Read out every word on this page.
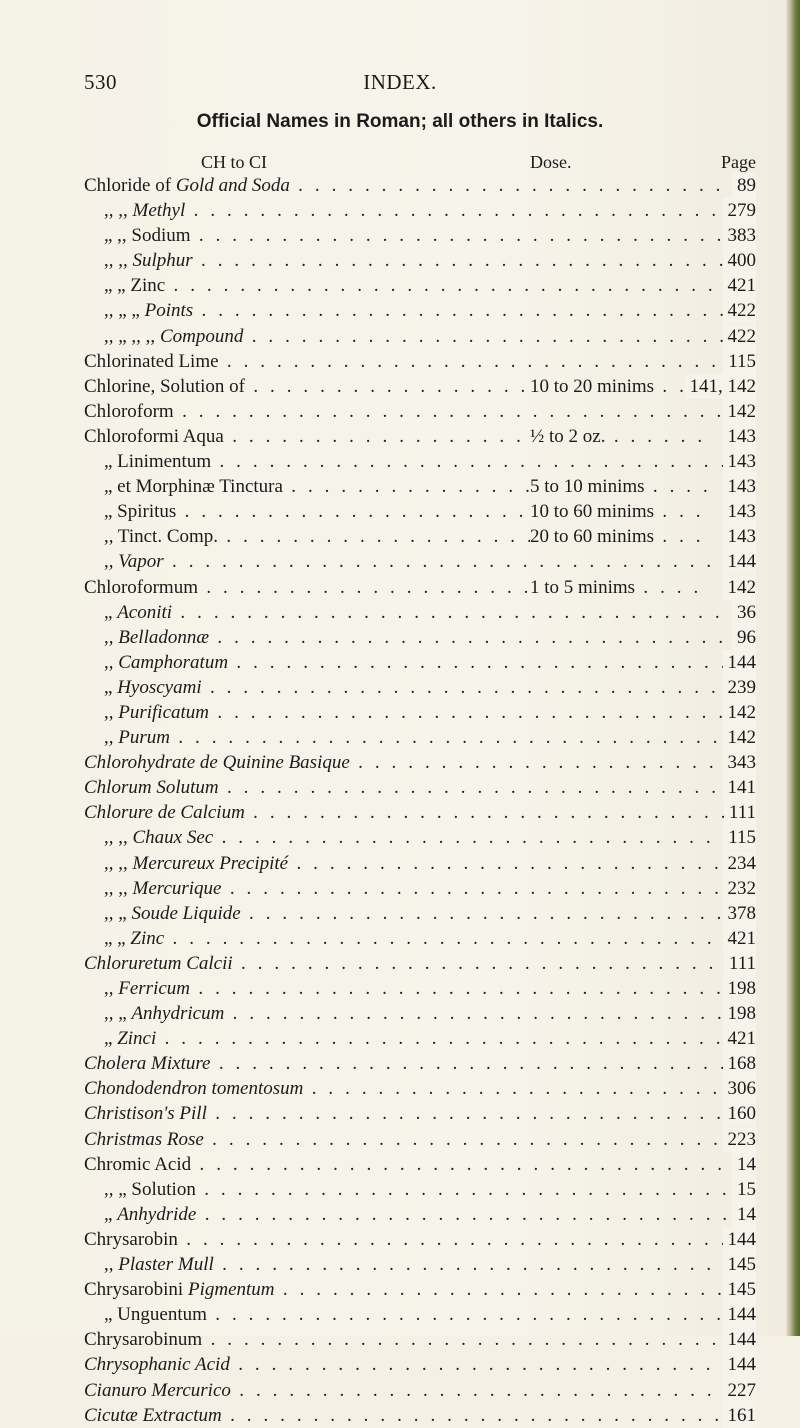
530	INDEX.
Official Names in Roman; all others in Italics.
CH to CI	Dose.	Page
Chloride of Gold and Soda . . .	89
,, ,, Methyl . . .	279
„ ,, Sodium . . .	383
,, ,, Sulphur . . .	400
„ „ Zinc . . .	421
,, „ „ Points . . .	422
,, „ ,, ,, Compound . . .	422
Chlorinated Lime . . .	115
Chlorine, Solution of . . .	10 to 20 minims . . .	141, 142
Chloroform . . .	142
Chloroformi Aqua . . .	½ to 2 oz. . . .	143
„ Linimentum . . .	143
„ et Morphinæ Tinctura . . .	5 to 10 minims . . .	143
„ Spiritus . . .	10 to 60 minims . . .	143
,, Tinct. Comp. . . .	20 to 60 minims . . .	143
,, Vapor . . .	144
Chloroformum . . .	1 to 5 minims . . .	142
„ Aconiti . . .	36
,, Belladonnæ . . .	96
,, Camphoratum . . .	144
„ Hyoscyami . . .	239
,, Purificatum . . .	142
,, Purum . . .	142
Chlorohydrate de Quinine Basique . . .	343
Chlorum Solutum . . .	141
Chlorure de Calcium . . .	111
,, ,, Chaux Sec . . .	115
,, ,, Mercureux Precipité . . .	234
,, ,, Mercurique . . .	232
,, „ Soude Liquide . . .	378
„ „ Zinc . . .	421
Chloruretum Calcii . . .	111
,, Ferricum . . .	198
,, „ Anhydricum . . .	198
„ Zinci . . .	421
Cholera Mixture . . .	168
Chondodendron tomentosum . . .	306
Christison's Pill . . .	160
Christmas Rose . . .	223
Chromic Acid . . .	14
,, „ Solution . . .	15
„ Anhydride . . .	14
Chrysarobin . . .	144
,, Plaster Mull . . .	145
Chrysarobini Pigmentum . . .	145
„ Unguentum . . .	144
Chrysarobinum . . .	144
Chrysophanic Acid . . .	144
Cianuro Mercurico . . .	227
Cicutæ Extractum . . .	161
